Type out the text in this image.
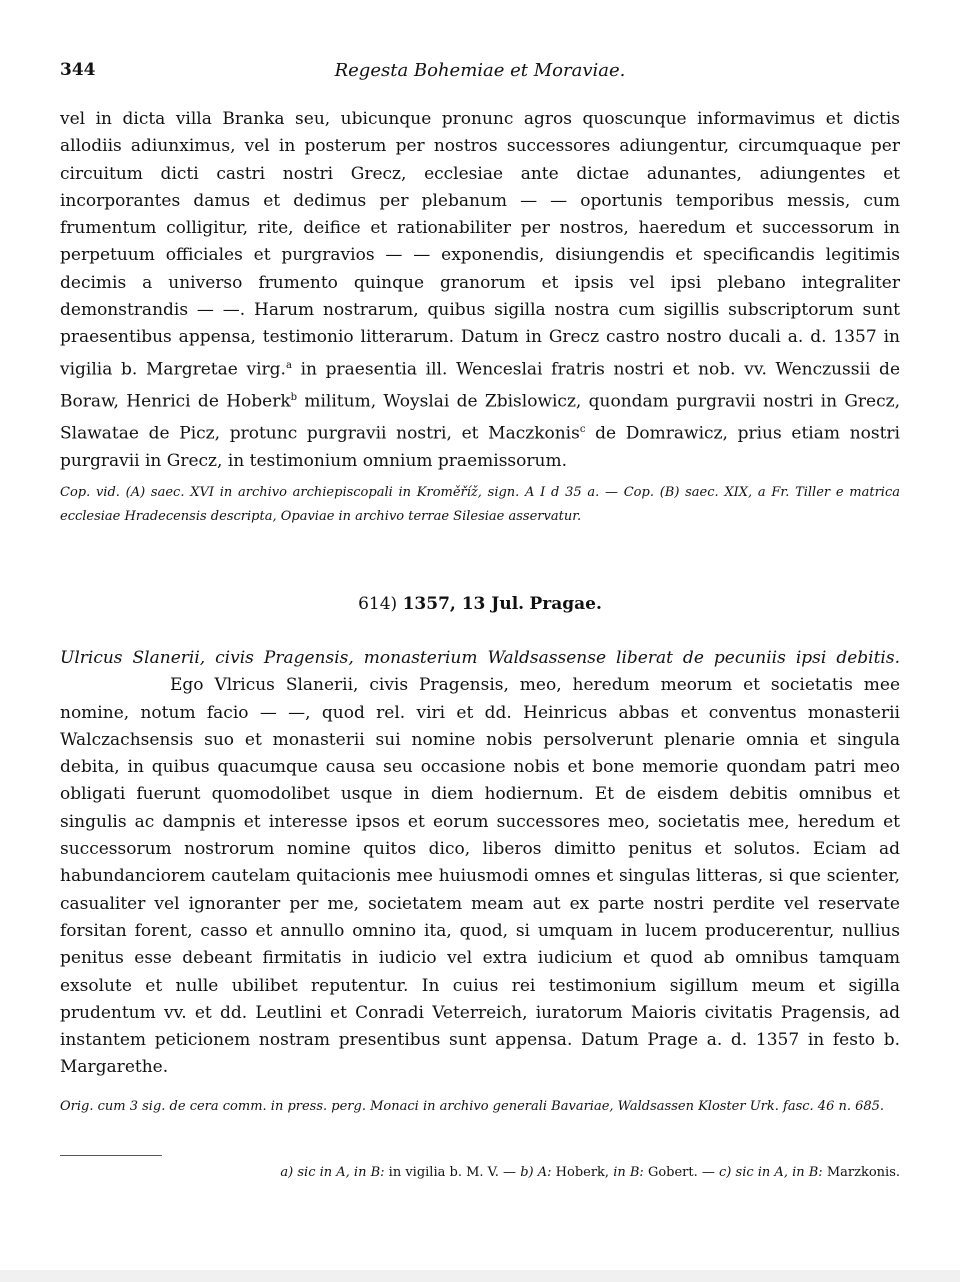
344	Regesta Bohemiae et Moraviae.
vel in dicta villa Branka seu, ubicunque pronunc agros quoscunque informavimus et dictis allodiis adiunximus, vel in posterum per nostros successores adiungentur, circumquaque per circuitum dicti castri nostri Grecz, ecclesiae ante dictae adunantes, adiungentes et incorporantes damus et dedimus per plebanum — — oportunis temporibus messis, cum frumentum colligitur, rite, deifice et rationabiliter per nostros, haeredum et successorum in perpetuum officiales et purgravios — — exponendis, disiungendis et specificandis legitimis decimis a universo frumento quinque granorum et ipsis vel ipsi plebano integraliter demonstrandis — —. Harum nostrarum, quibus sigilla nostra cum sigillis subscriptorum sunt praesentibus appensa, testimonio litterarum. Datum in Grecz castro nostro ducali a. d. 1357 in vigilia b. Margretae virg.$^a$ in praesentia ill. Wenceslai fratris nostri et nob. vv. Wenczussii de Boraw, Henrici de Hoberk$^b$ militum, Woyslai de Zbislowicz, quondam purgravii nostri in Grecz, Slawatae de Picz, protunc purgravii nostri, et Maczkonis$^c$ de Domrawicz, prius etiam nostri purgravii in Grecz, in testimonium omnium praemissorum.
Cop. vid. (A) saec. XVI in archivo archiepiscopali in Kroměříž, sign. A I d 35 a. — Cop. (B) saec. XIX, a Fr. Tiller e matrica ecclesiae Hradecensis descripta, Opaviae in archivo terrae Silesiae asservatur.
614) 1357, 13 Jul. Pragae.
Ulricus Slanerii, civis Pragensis, monasterium Waldsassense liberat de pecuniis ipsi debitis.Ego Vlricus Slanerii, civis Pragensis, meo, heredum meorum et societatis mee nomine, notum facio — —, quod rel. viri et dd. Heinricus abbas et conventus monasterii Walczachsensis suo et monasterii sui nomine nobis persolverunt plenarie omnia et singula debita, in quibus quacumque causa seu occasione nobis et bone memorie quondam patri meo obligati fuerunt quomodolibet usque in diem hodiernum. Et de eisdem debitis omnibus et singulis ac dampnis et interesse ipsos et eorum successores meo, societatis mee, heredum et successorum nostrorum nomine quitos dico, liberos dimitto penitus et solutos. Eciam ad habundanciorem cautelam quitacionis mee huiusmodi omnes et singulas litteras, si que scienter, casualiter vel ignoranter per me, societatem meam aut ex parte nostri perdite vel reservate forsitan forent, casso et annullo omnino ita, quod, si umquam in lucem producerentur, nullius penitus esse debeant firmitatis in iudicio vel extra iudicium et quod ab omnibus tamquam exsolute et nulle ubilibet reputentur. In cuius rei testimonium sigillum meum et sigilla prudentum vv. et dd. Leutlini et Conradi Veterreich, iuratorum Maioris civitatis Pragensis, ad instantem peticionem nostram presentibus sunt appensa. Datum Prage a. d. 1357 in festo b. Margarethe.
Orig. cum 3 sig. de cera comm. in press. perg. Monaci in archivo generali Bavariae, Waldsassen Kloster Urk. fasc. 46 n. 685.
a) sic in A, in B: in vigilia b. M. V. — b) A: Hoberk, in B: Gobert. — c) sic in A, in B: Marzkonis.
